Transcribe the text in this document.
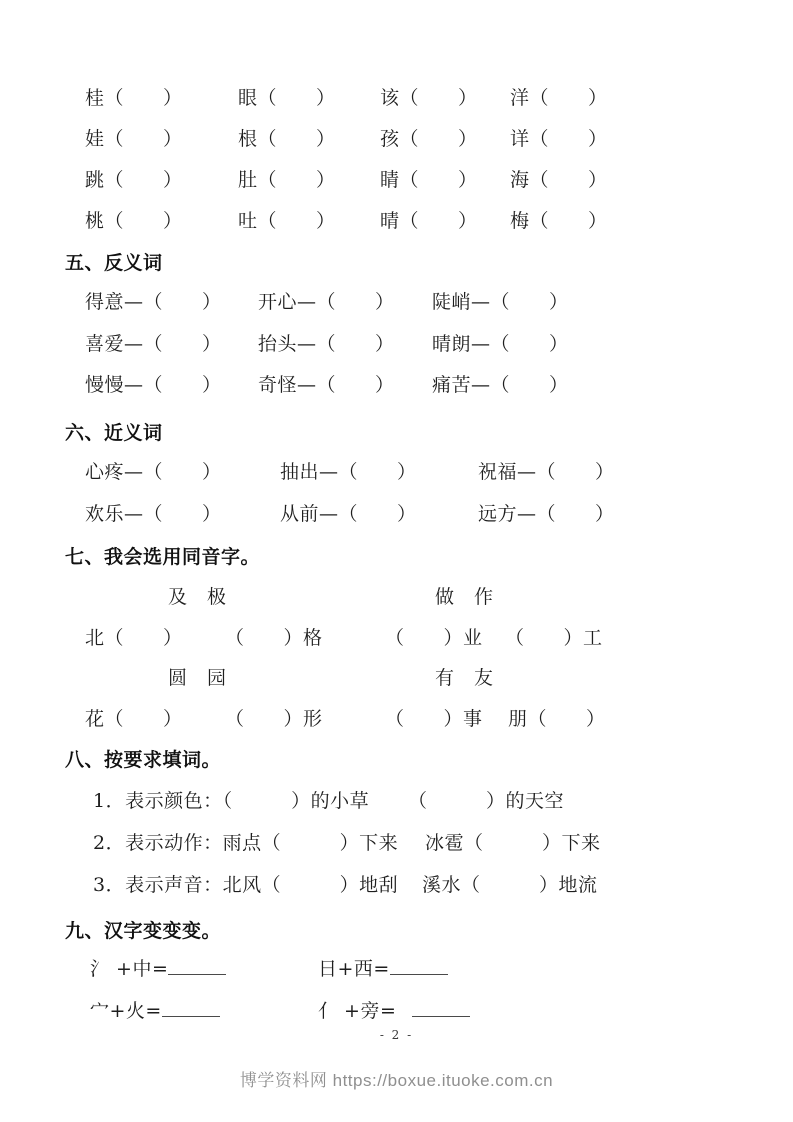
桂（　　）	眼（　　） 该（　　） 洋（　　）
娃（　　）	根（　　） 孩（　　） 详（　　）
跳（　　）	肚（　　） 睛（　　） 海（　　）
桃（　　）	吐（　　） 晴（　　） 梅（　　）
五、反义词
得意—（　　） 开心—（　　） 陡峭—（　　）
喜爱—（　　） 抬头—（　　） 晴朗—（　　）
慢慢—（　　） 奇怪—（　　） 痛苦—（　　）
六、近义词
心疼—（　　）	抽出—（　　）	祝福—（　　）
欢乐—（　　）	从前—（　　）	远方—（　　）
七、我会选用同音字。
及　极	做　作
北（　　） （　　）格	（　　）业 （　　）工
圆　园	有　友
花（　　） （　　）形	（　　）事 朋（　　）
八、按要求填词。
1．表示颜色：（　　　）的小草 （　　　）的天空
2．表示动作：雨点（　　　）下来 冰雹（　　　）下来
3．表示声音：北风（　　　）地刮 溪水（　　　）地流
九、汉字变变变。
氵 +中=	日+西=
宀+火=	亻 +旁=
- 2 -
博学资料网 https://boxue.ituoke.com.cn
